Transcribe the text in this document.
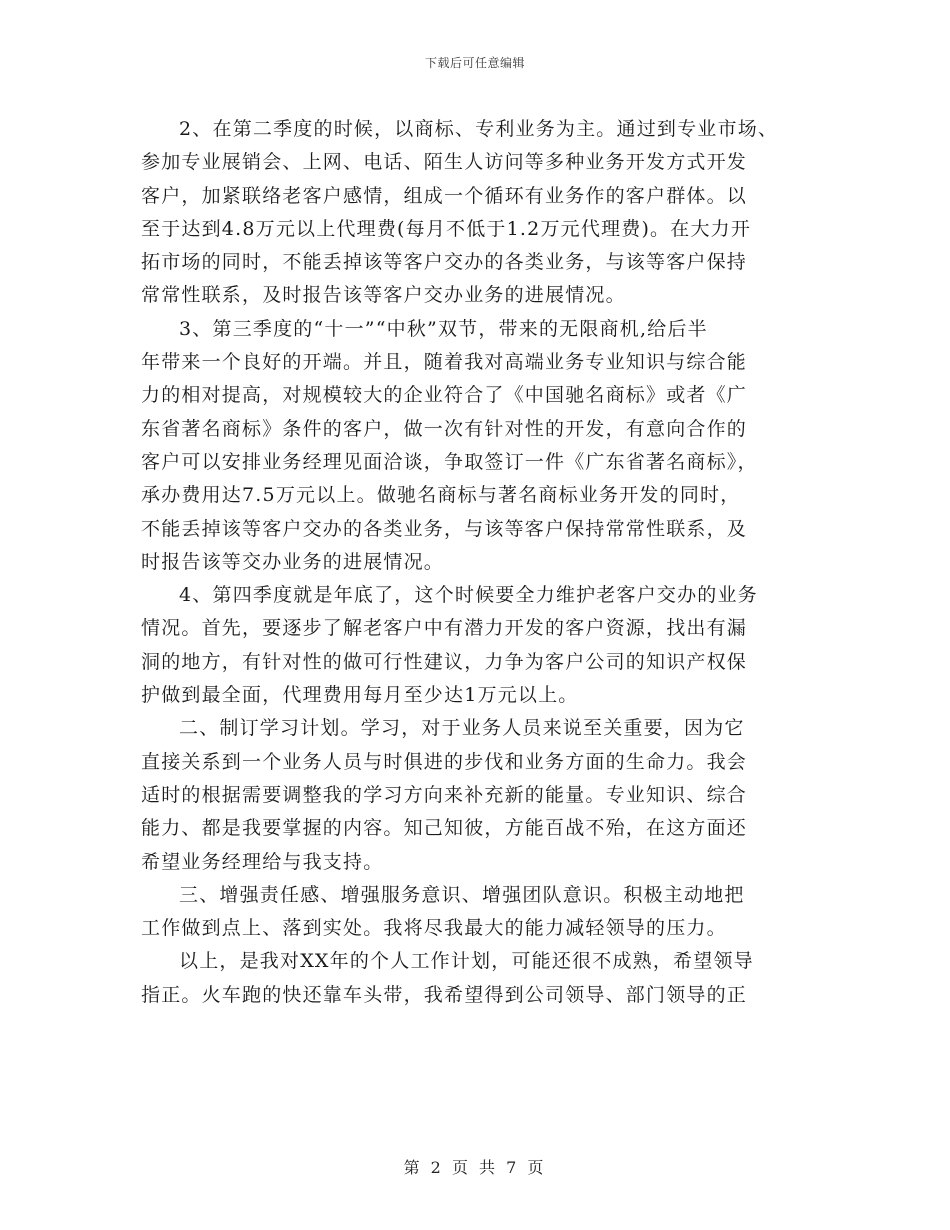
下载后可任意编辑
2、在第二季度的时候，以商标、专利业务为主。通过到专业市场、
参加专业展销会、上网、电话、陌生人访问等多种业务开发方式开发
客户，加紧联络老客户感情，组成一个循环有业务作的客户群体。以
至于达到4.8万元以上代理费(每月不低于1.2万元代理费)。在大力开
拓市场的同时，不能丢掉该等客户交办的各类业务，与该等客户保持
常常性联系，及时报告该等客户交办业务的进展情况。
3、第三季度的“十一”“中秋”双节，带来的无限商机,给后半
年带来一个良好的开端。并且，随着我对高端业务专业知识与综合能
力的相对提高，对规模较大的企业符合了《中国驰名商标》或者《广
东省著名商标》条件的客户，做一次有针对性的开发，有意向合作的
客户可以安排业务经理见面洽谈，争取签订一件《广东省著名商标》，
承办费用达7.5万元以上。做驰名商标与著名商标业务开发的同时，
不能丢掉该等客户交办的各类业务，与该等客户保持常常性联系，及
时报告该等交办业务的进展情况。
4、第四季度就是年底了，这个时候要全力维护老客户交办的业务
情况。首先，要逐步了解老客户中有潜力开发的客户资源，找出有漏
洞的地方，有针对性的做可行性建议，力争为客户公司的知识产权保
护做到最全面，代理费用每月至少达1万元以上。
二、制订学习计划。学习，对于业务人员来说至关重要，因为它
直接关系到一个业务人员与时俱进的步伐和业务方面的生命力。我会
适时的根据需要调整我的学习方向来补充新的能量。专业知识、综合
能力、都是我要掌握的内容。知己知彼，方能百战不殆，在这方面还
希望业务经理给与我支持。
三、增强责任感、增强服务意识、增强团队意识。积极主动地把
工作做到点上、落到实处。我将尽我最大的能力减轻领导的压力。
以上，是我对XX年的个人工作计划，可能还很不成熟，希望领导
指正。火车跑的快还靠车头带，我希望得到公司领导、部门领导的正
第 2 页 共 7 页
